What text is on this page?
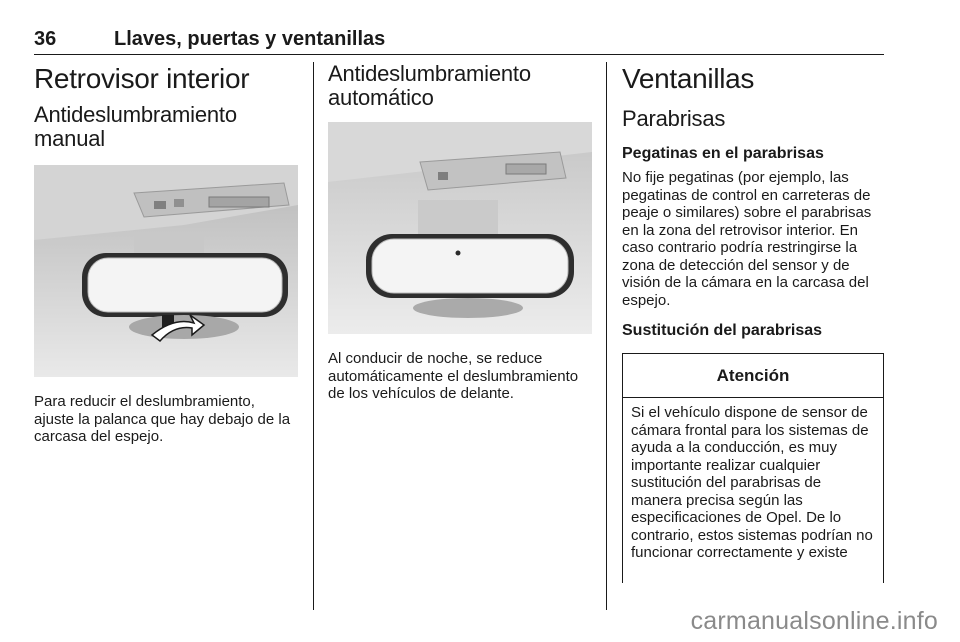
36	Llaves, puertas y ventanillas
Retrovisor interior
Antideslumbramiento manual

Para reducir el deslumbramiento, ajuste la palanca que hay debajo de la carcasa del espejo.

Antideslumbramiento automático

Al conducir de noche, se reduce automáticamente el deslumbramiento de los vehículos de delante.

Ventanillas
Parabrisas
Pegatinas en el parabrisas

No fije pegatinas (por ejemplo, las pegatinas de control en carreteras de peaje o similares) sobre el parabrisas en la zona del retrovisor interior. En caso contrario podría restringirse la zona de detección del sensor y de visión de la cámara en la carcasa del espejo.

Sustitución del parabrisas
Atención
Si el vehículo dispone de sensor de cámara frontal para los sistemas de ayuda a la conducción, es muy importante realizar cualquier sustitución del parabrisas de manera precisa según las especificaciones de Opel. De lo contrario, estos sistemas podrían no funcionar correctamente y existe
carmanualsonline.info
